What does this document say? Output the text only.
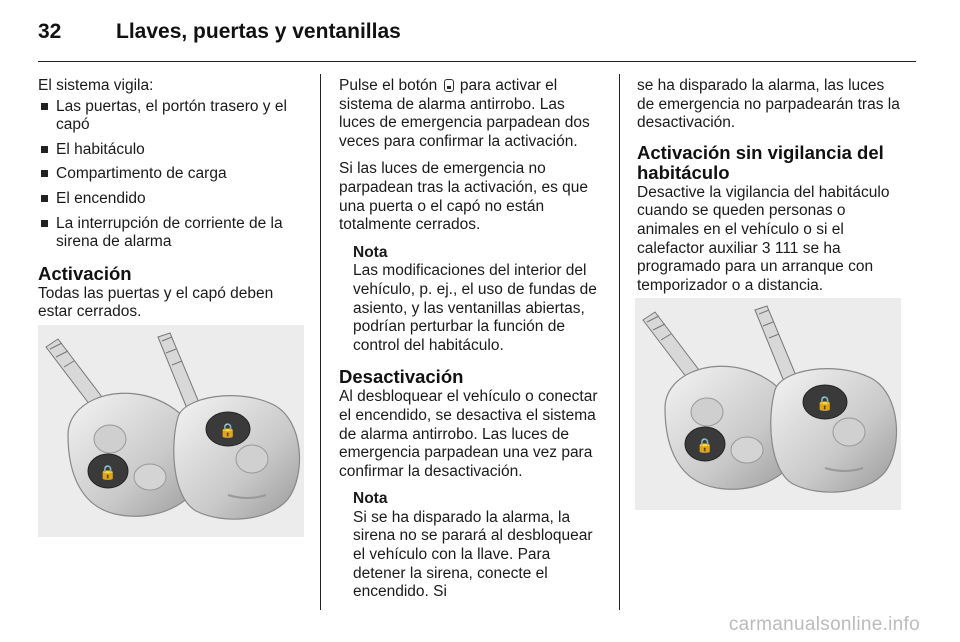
32	Llaves, puertas y ventanillas

El sistema vigila:

Las puertas, el portón trasero y el capó
El habitáculo
Compartimento de carga
El encendido
La interrupción de corriente de la sirena de alarma
Activación

Todas las puertas y el capó deben estar cerrados.

🔒
🔒

Pulse el botón para activar el sistema de alarma antirrobo. Las luces de emergencia parpadean dos veces para confirmar la activación.

Si las luces de emergencia no parpadean tras la activación, es que una puerta o el capó no están totalmente cerrados.

Nota
Las modificaciones del interior del vehículo, p. ej., el uso de fundas de asiento, y las ventanillas abiertas, podrían perturbar la función de control del habitáculo.
Desactivación

Al desbloquear el vehículo o conectar el encendido, se desactiva el sistema de alarma antirrobo. Las luces de emergencia parpadean una vez para confirmar la desactivación.

Nota
Si se ha disparado la alarma, la sirena no se parará al desbloquear el vehículo con la llave. Para detener la sirena, conecte el encendido. Si

se ha disparado la alarma, las luces de emergencia no parpadearán tras la desactivación.

Activación sin vigilancia del habitáculo

Desactive la vigilancia del habitáculo cuando se queden personas o animales en el vehículo o si el calefactor auxiliar 3 111 se ha programado para un arranque con temporizador o a distancia.

🔒
🔒
carmanualsonline.info
